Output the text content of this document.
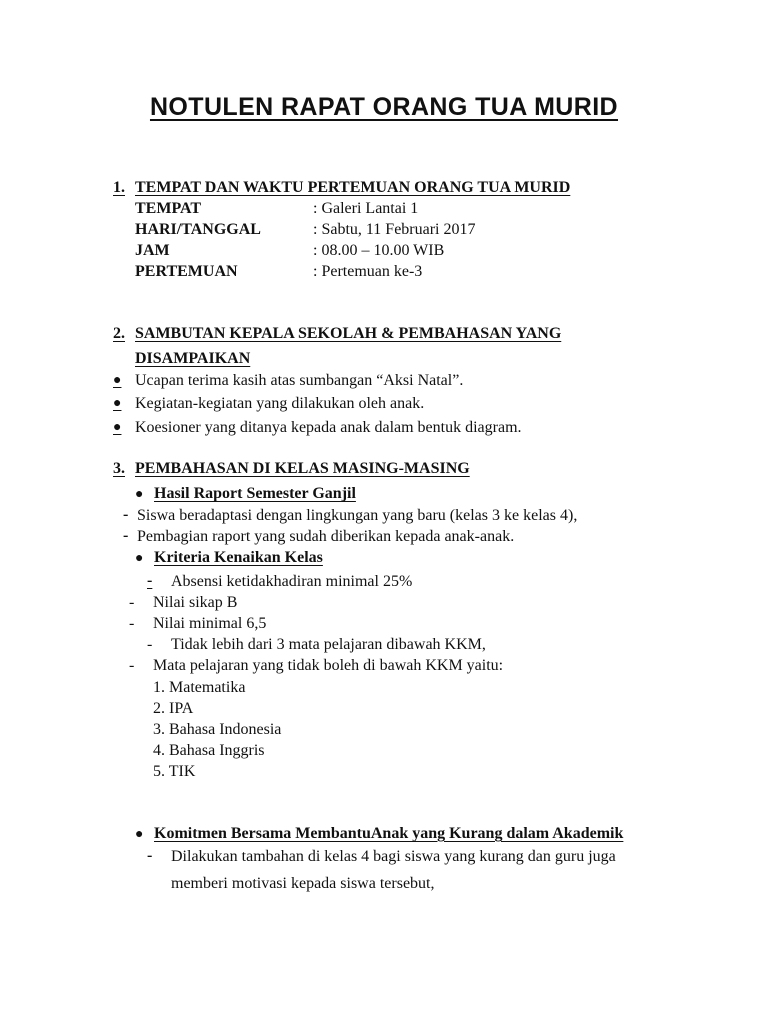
NOTULEN RAPAT ORANG TUA MURID
1. TEMPAT DAN WAKTU PERTEMUAN ORANG TUA MURID
TEMPAT	: Galeri Lantai 1
HARI/TANGGAL	: Sabtu, 11 Februari 2017
JAM	: 08.00 – 10.00 WIB
PERTEMUAN	: Pertemuan ke-3
2. SAMBUTAN KEPALA SEKOLAH & PEMBAHASAN YANG
DISAMPAIKAN
● Ucapan terima kasih atas sumbangan “Aksi Natal”.
● Kegiatan-kegiatan yang dilakukan oleh anak.
● Koesioner yang ditanya kepada anak dalam bentuk diagram.
3. PEMBAHASAN DI KELAS MASING-MASING
● Hasil Raport Semester Ganjil
- Siswa beradaptasi dengan lingkungan yang baru (kelas 3 ke kelas 4),
- Pembagian raport yang sudah diberikan kepada anak-anak.
● Kriteria Kenaikan Kelas
-	Absensi ketidakhadiran minimal 25%
- Nilai sikap B
- Nilai minimal 6,5
- Tidak lebih dari 3 mata pelajaran dibawah KKM,
- Mata pelajaran yang tidak boleh di bawah KKM yaitu:
1. Matematika
2. IPA
3. Bahasa Indonesia
4. Bahasa Inggris
5. TIK
● Komitmen Bersama MembantuAnak yang Kurang dalam Akademik
- Dilakukan tambahan di kelas 4 bagi siswa yang kurang dan guru juga
memberi motivasi kepada siswa tersebut,
